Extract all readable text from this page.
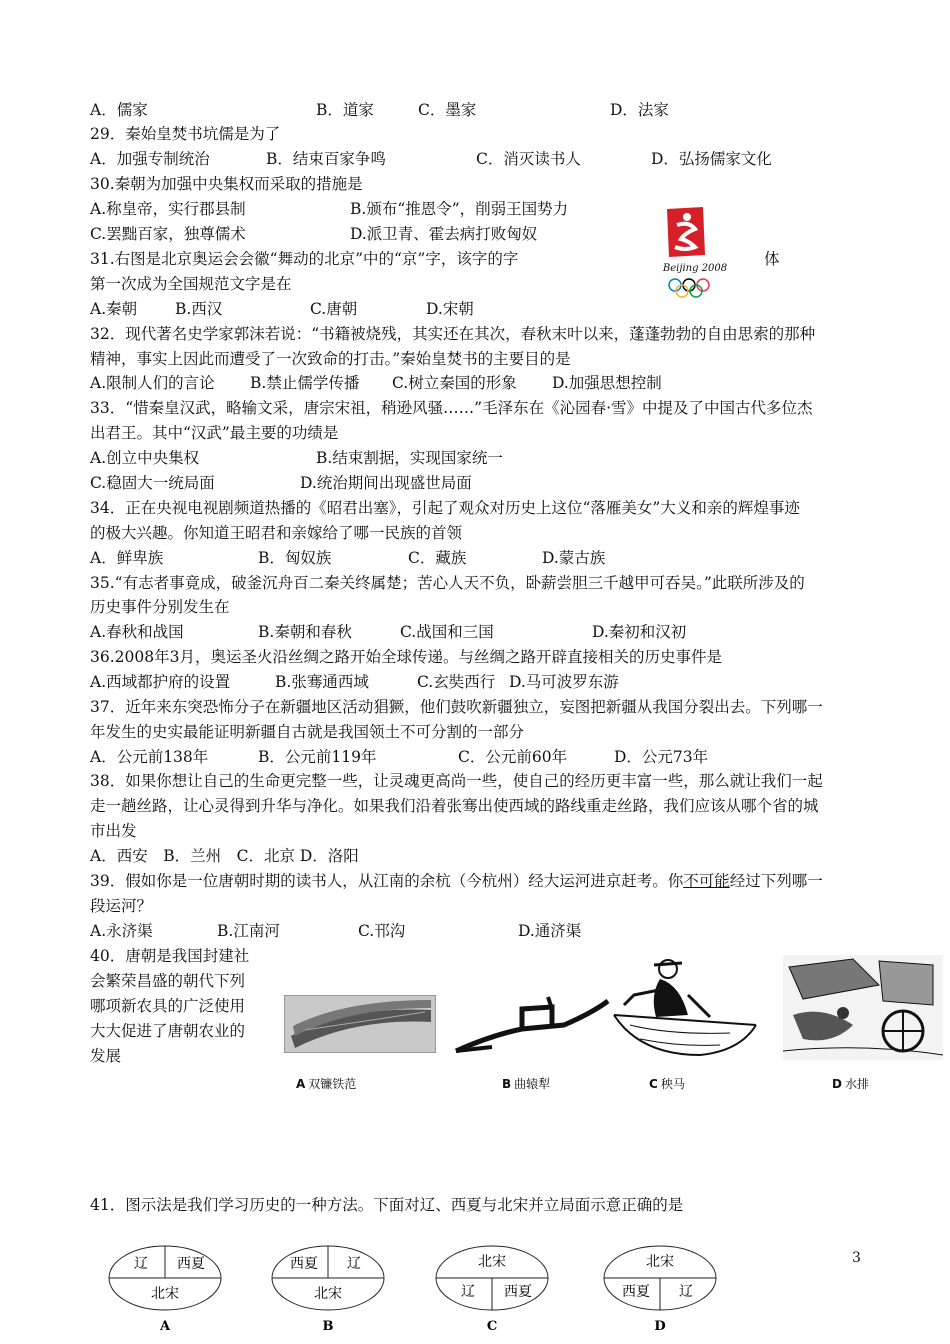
A．儒家	B．道家	C．墨家	D．法家
29．秦始皇焚书坑儒是为了
A．加强专制统治	B．结束百家争鸣	C．消灭读书人	D．弘扬儒家文化
30.秦朝为加强中央集权而采取的措施是
A.称皇帝，实行郡县制	B.颁布“推恩令”，削弱王国势力
C.罢黜百家，独尊儒术	D.派卫青、霍去病打败匈奴
Beijing 2008
31.右图是北京奥运会会徽“舞动的北京”中的“京”字，该字的字	体
第一次成为全国规范文字是在
A.秦朝 B.西汉	C.唐朝	D.宋朝
32．现代著名史学家郭沫若说：“书籍被烧残，其实还在其次，春秋末叶以来，蓬蓬勃勃的自由思索的那种
精神，事实上因此而遭受了一次致命的打击。”秦始皇焚书的主要目的是
A.限制人们的言论 B.禁止儒学传播 C.树立秦国的形象 D.加强思想控制
33．“惜秦皇汉武，略输文采，唐宗宋祖，稍逊风骚……”毛泽东在《沁园春·雪》中提及了中国古代多位杰
出君王。其中“汉武”最主要的功绩是
A.创立中央集权	B.结束割据，实现国家统一
C.稳固大一统局面	D.统治期间出现盛世局面
34．正在央视电视剧频道热播的《昭君出塞》，引起了观众对历史上这位“落雁美女”大义和亲的辉煌事迹
的极大兴趣。你知道王昭君和亲嫁给了哪一民族的首领
A．鲜卑族	B．匈奴族	C．藏族	D.蒙古族
35.“有志者事竟成，破釜沉舟百二秦关终属楚；苦心人天不负，卧薪尝胆三千越甲可吞吴。”此联所涉及的
历史事件分别发生在
A.春秋和战国	B.秦朝和春秋	C.战国和三国	D.秦初和汉初
36.2008年3月，奥运圣火沿丝绸之路开始全球传递。与丝绸之路开辟直接相关的历史事件是
A.西域都护府的设置	B.张骞通西域	C.玄奘西行 D.马可波罗东游
37．近年来东突恐怖分子在新疆地区活动猖獗，他们鼓吹新疆独立，妄图把新疆从我国分裂出去。下列哪一
年发生的史实最能证明新疆自古就是我国领土不可分割的一部分
A．公元前138年	B．公元前119年	C．公元前60年	D．公元73年
38．如果你想让自己的生命更完整一些，让灵魂更高尚一些，使自己的经历更丰富一些，那么就让我们一起
走一趟丝路，让心灵得到升华与净化。如果我们沿着张骞出使西域的路线重走丝路，我们应该从哪个省的城
市出发
A．西安　B．兰州　C．北京 D．洛阳
39．假如你是一位唐朝时期的读书人，从江南的余杭（今杭州）经大运河进京赶考。你不可能经过下列哪一
段运河？
A.永济渠	B.江南河	C.邗沟	D.通济渠
40．唐朝是我国封建社
会繁荣昌盛的朝代下列
哪项新农具的广泛使用
大大促进了唐朝农业的
发展
A 双镰铁范	B 曲辕犁	C 秧马	D 水排
41．图示法是我们学习历史的一种方法。下面对辽、西夏与北宋并立局面示意正确的是
辽 西夏
北宋
A
西夏 辽
北宋
B
北宋
辽 西夏
C
北宋
西夏 辽
D
3
